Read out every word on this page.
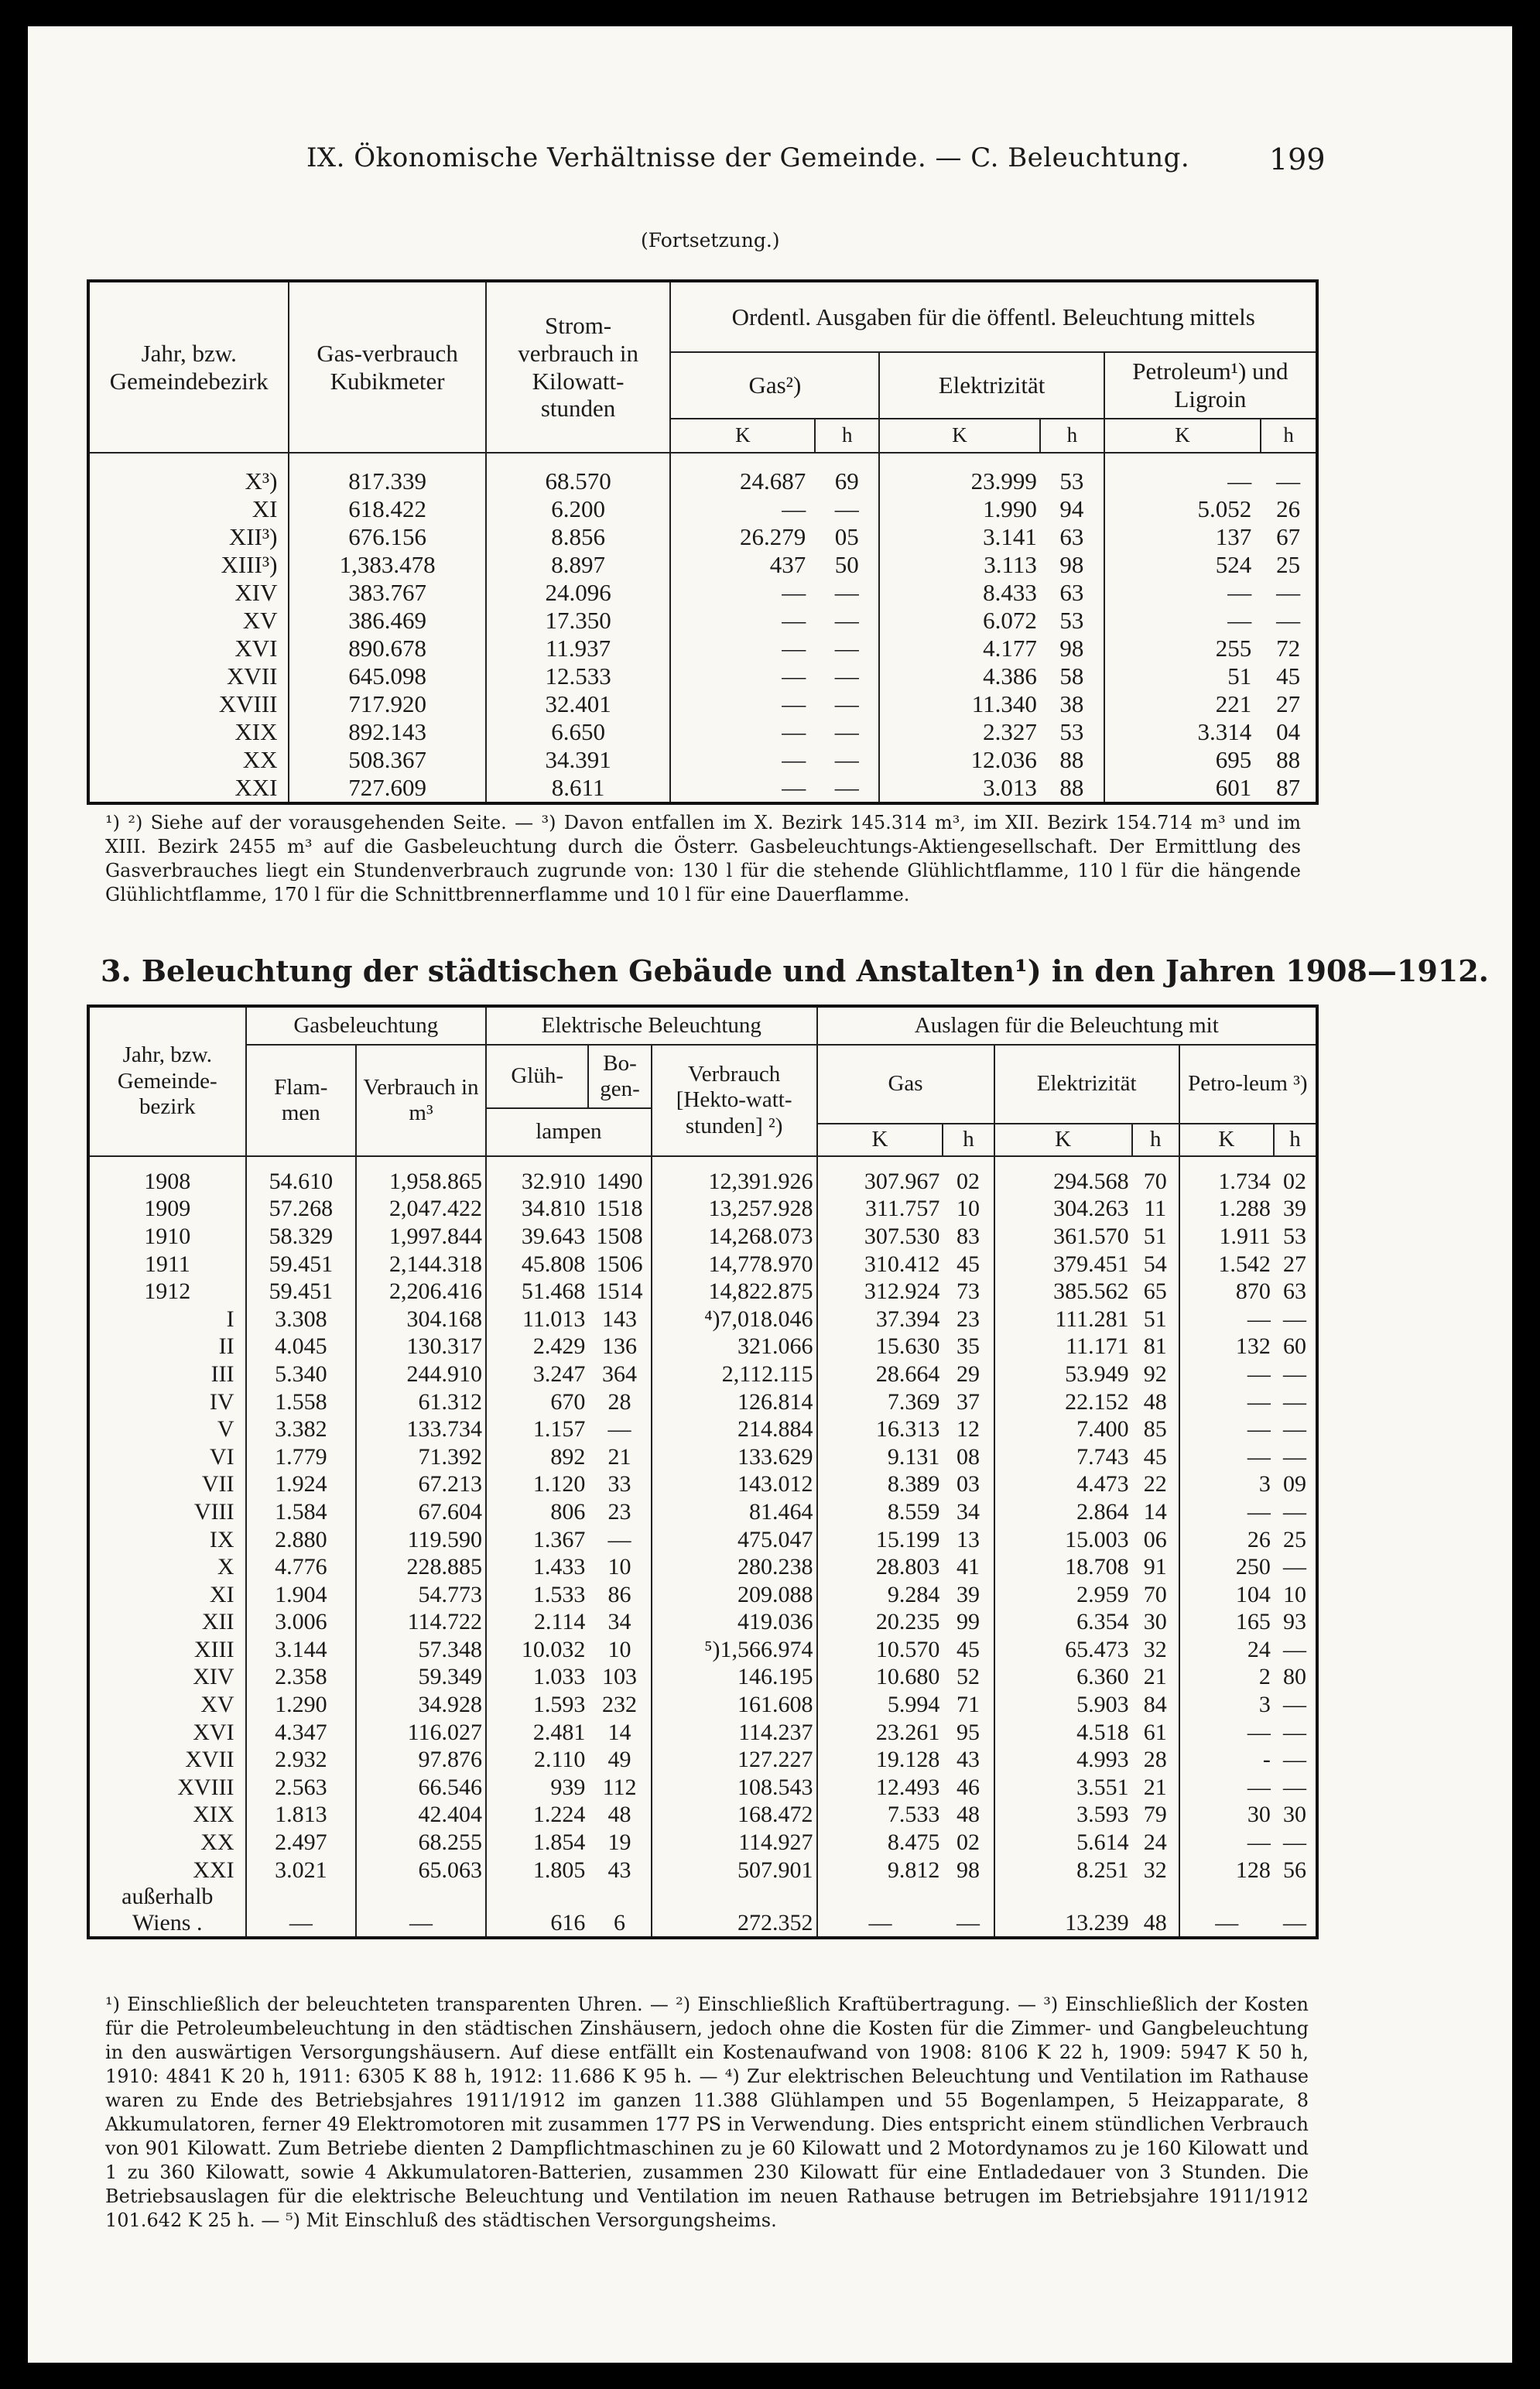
IX. Ökonomische Verhältnisse der Gemeinde. — C. Beleuchtung.	199
(Fortsetzung.)
Jahr, bzw. Gemeindebezirk		Gas-verbrauch Kubikmeter	Strom-verbrauch in Kilowatt-stunden	Ordentl. Ausgaben für die öffentl. Beleuchtung mittels					
				Gas²)		Elektrizität		Petroleum¹) und Ligroin	
				K	h	K	h	K	h
	X³)	817.339	68.570	24.687	69	23.999	53	—	—
	XI	618.422	6.200	—	—	1.990	94	5.052	26
	XII³)	676.156	8.856	26.279	05	3.141	63	137	67
	XIII³)	1,383.478	8.897	437	50	3.113	98	524	25
	XIV	383.767	24.096	—	—	8.433	63	—	—
	XV	386.469	17.350	—	—	6.072	53	—	—
	XVI	890.678	11.937	—	—	4.177	98	255	72
	XVII	645.098	12.533	—	—	4.386	58	51	45
	XVIII	717.920	32.401	—	—	11.340	38	221	27
	XIX	892.143	6.650	—	—	2.327	53	3.314	04
	XX	508.367	34.391	—	—	12.036	88	695	88
	XXI	727.609	8.611	—	—	3.013	88	601	87
¹) ²) Siehe auf der vorausgehenden Seite. — ³) Davon entfallen im X. Bezirk 145.314 m³, im XII. Bezirk 154.714 m³ und im XIII. Bezirk 2455 m³ auf die Gasbeleuchtung durch die Österr. Gasbeleuchtungs-Aktiengesellschaft. Der Ermittlung des Gasverbrauches liegt ein Stundenverbrauch zugrunde von: 130 l für die stehende Glühlichtflamme, 110 l für die hängende Glühlichtflamme, 170 l für die Schnittbrennerflamme und 10 l für eine Dauerflamme.
3. Beleuchtung der städtischen Gebäude und Anstalten¹) in den Jahren 1908—1912.
Jahr, bzw. Gemeinde-bezirk		Gasbeleuchtung		Elektrische Beleuchtung			Auslagen für die Beleuchtung mit					
		Flam-men	Verbrauch in m³	Glüh-	Bo-gen-	Verbrauch [Hekto-watt-stunden] ²)	Gas		Elektrizität		Petro-leum ³)	
				lampen								
							K	h	K	h	K	h
1908		54.610	1,958.865	32.910	1490	12,391.926	307.967	02	294.568	70	1.734	02
1909		57.268	2,047.422	34.810	1518	13,257.928	311.757	10	304.263	11	1.288	39
1910		58.329	1,997.844	39.643	1508	14,268.073	307.530	83	361.570	51	1.911	53
1911		59.451	2,144.318	45.808	1506	14,778.970	310.412	45	379.451	54	1.542	27
1912		59.451	2,206.416	51.468	1514	14,822.875	312.924	73	385.562	65	870	63
	I	3.308	304.168	11.013	143	⁴)7,018.046	37.394	23	111.281	51	—	—
	II	4.045	130.317	2.429	136	321.066	15.630	35	11.171	81	132	60
	III	5.340	244.910	3.247	364	2,112.115	28.664	29	53.949	92	—	—
	IV	1.558	61.312	670	28	126.814	7.369	37	22.152	48	—	—
	V	3.382	133.734	1.157	—	214.884	16.313	12	7.400	85	—	—
	VI	1.779	71.392	892	21	133.629	9.131	08	7.743	45	—	—
	VII	1.924	67.213	1.120	33	143.012	8.389	03	4.473	22	3	09
	VIII	1.584	67.604	806	23	81.464	8.559	34	2.864	14	—	—
	IX	2.880	119.590	1.367	—	475.047	15.199	13	15.003	06	26	25
	X	4.776	228.885	1.433	10	280.238	28.803	41	18.708	91	250	—
	XI	1.904	54.773	1.533	86	209.088	9.284	39	2.959	70	104	10
	XII	3.006	114.722	2.114	34	419.036	20.235	99	6.354	30	165	93
	XIII	3.144	57.348	10.032	10	⁵)1,566.974	10.570	45	65.473	32	24	—
	XIV	2.358	59.349	1.033	103	146.195	10.680	52	6.360	21	2	80
	XV	1.290	34.928	1.593	232	161.608	5.994	71	5.903	84	3	—
	XVI	4.347	116.027	2.481	14	114.237	23.261	95	4.518	61	—	—
	XVII	2.932	97.876	2.110	49	127.227	19.128	43	4.993	28	-	—
	XVIII	2.563	66.546	939	112	108.543	12.493	46	3.551	21	—	—
	XIX	1.813	42.404	1.224	48	168.472	7.533	48	3.593	79	30	30
	XX	2.497	68.255	1.854	19	114.927	8.475	02	5.614	24	—	—
	XXI	3.021	65.063	1.805	43	507.901	9.812	98	8.251	32	128	56

außerhalb
Wiens .		—	—	616	6	272.352	—	—	13.239	48	—	—
¹) Einschließlich der beleuchteten transparenten Uhren. — ²) Einschließlich Kraftübertragung. — ³) Einschließlich der Kosten für die Petroleumbeleuchtung in den städtischen Zinshäusern, jedoch ohne die Kosten für die Zimmer- und Gangbeleuchtung in den auswärtigen Versorgungshäusern. Auf diese entfällt ein Kostenaufwand von 1908: 8106 K 22 h, 1909: 5947 K 50 h, 1910: 4841 K 20 h, 1911: 6305 K 88 h, 1912: 11.686 K 95 h. — ⁴) Zur elektrischen Beleuchtung und Ventilation im Rathause waren zu Ende des Betriebsjahres 1911/1912 im ganzen 11.388 Glühlampen und 55 Bogenlampen, 5 Heizapparate, 8 Akkumulatoren, ferner 49 Elektromotoren mit zusammen 177 PS in Verwendung. Dies entspricht einem stündlichen Verbrauch von 901 Kilowatt. Zum Betriebe dienten 2 Dampflichtmaschinen zu je 60 Kilowatt und 2 Motordynamos zu je 160 Kilowatt und 1 zu 360 Kilowatt, sowie 4 Akkumulatoren-Batterien, zusammen 230 Kilowatt für eine Entladedauer von 3 Stunden. Die Betriebsauslagen für die elektrische Beleuchtung und Ventilation im neuen Rathause betrugen im Betriebsjahre 1911/1912 101.642 K 25 h. — ⁵) Mit Einschluß des städtischen Versorgungsheims.
